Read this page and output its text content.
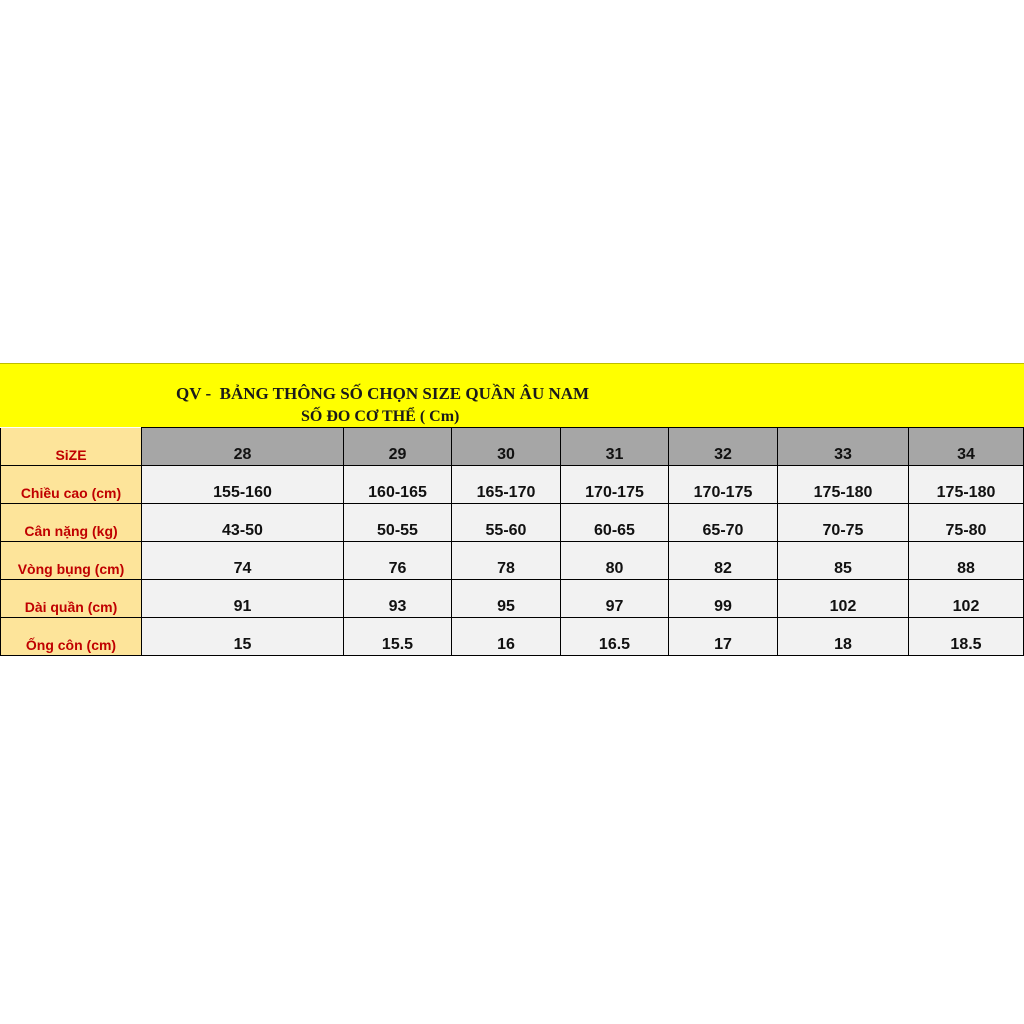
QV -  BẢNG THÔNG SỐ CHỌN SIZE QUẦN ÂU NAM
SỐ ĐO CƠ THỂ ( Cm)
SiZE	28	29	30	31	32	33	34
Chiều cao (cm)	155-160	160-165	165-170	170-175	170-175	175-180	175-180
Cân nặng (kg)	43-50	50-55	55-60	60-65	65-70	70-75	75-80
Vòng bụng (cm)	74	76	78	80	82	85	88
Dài quần (cm)	91	93	95	97	99	102	102
Ống côn (cm)	15	15.5	16	16.5	17	18	18.5
